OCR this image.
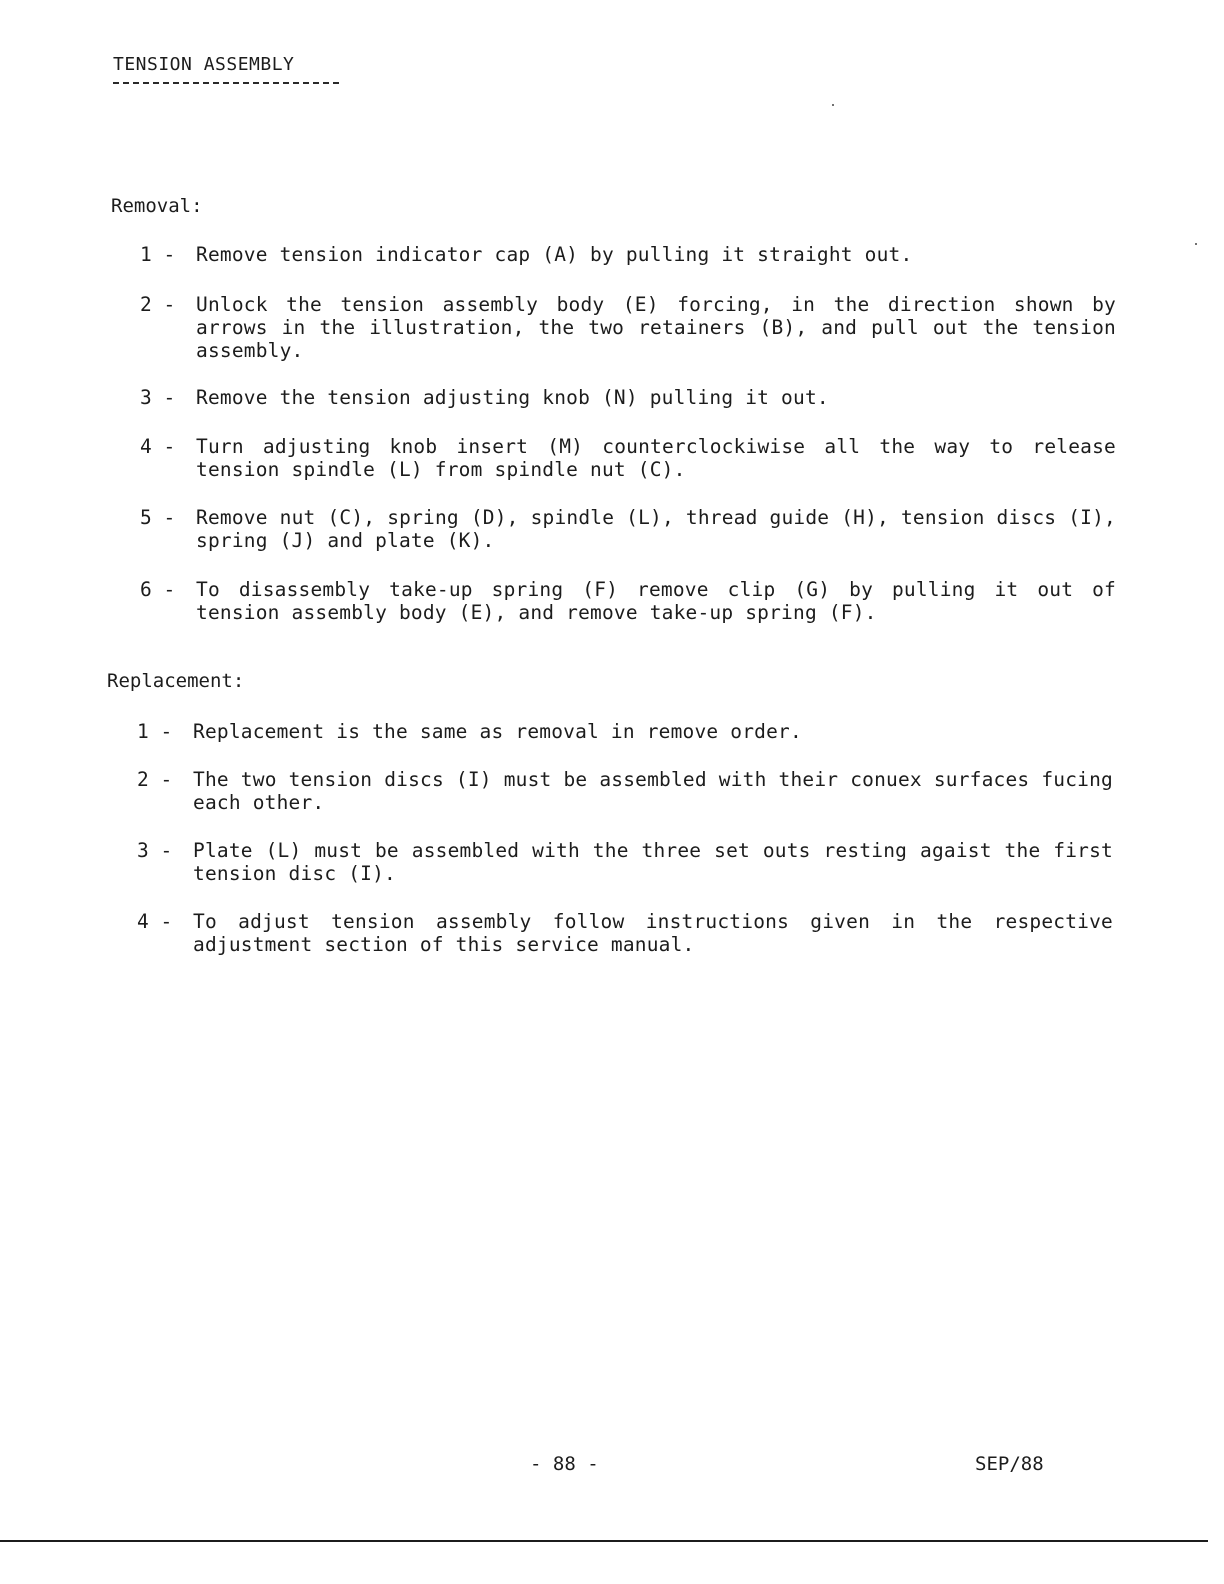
TENSION ASSEMBLY
Removal:
1 -	Remove tension indicator cap (A) by pulling it straight out.
2 -	Unlock the tension assembly body (E) forcing, in the direction shown by arrows in the illustration, the two retainers (B), and pull out the tension assembly.
3 -	Remove the tension adjusting knob (N) pulling it out.
4 -	Turn adjusting knob insert (M) counterclockiwise all the way to release tension spindle (L) from spindle nut (C).
5 -	Remove nut (C), spring (D), spindle (L), thread guide (H), tension discs (I), spring (J) and plate (K).
6 -	To disassembly take-up spring (F) remove clip (G) by pulling it out of tension assembly body (E), and remove take-up spring (F).
Replacement:
1 -	Replacement is the same as removal in remove order.
2 -	The two tension discs (I) must be assembled with their conuex surfaces fucing each other.
3 -	Plate (L) must be assembled with the three set outs resting agaist the first tension disc (I).
4 -	To adjust tension assembly follow instructions given in the respective adjustment section of this service manual.
- 88 -	SEP/88
